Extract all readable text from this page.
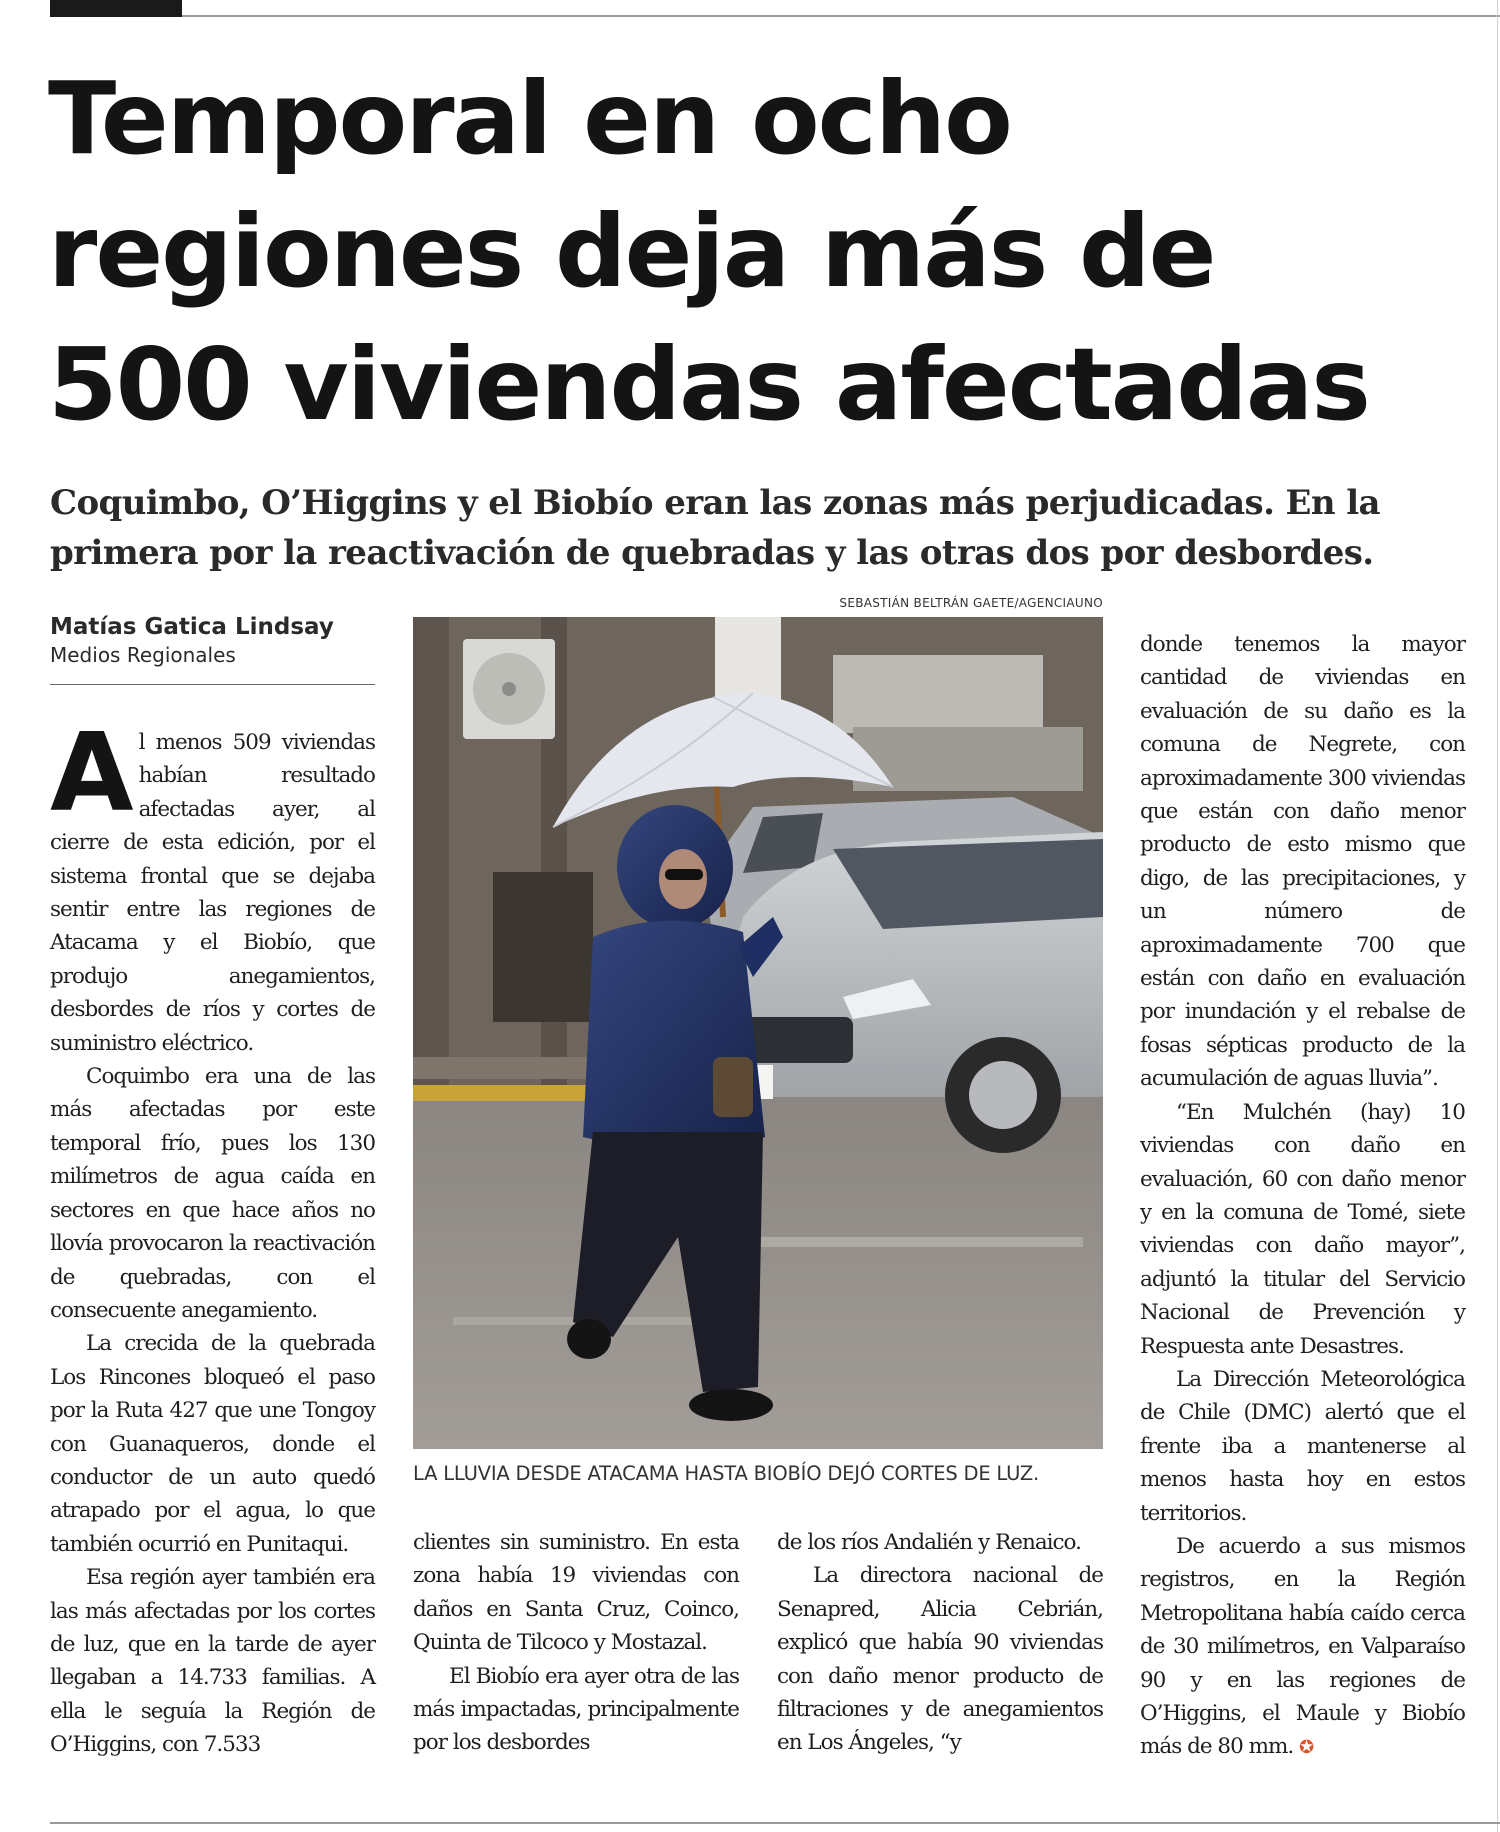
Temporal en ocho
regiones deja más de
500 viviendas afectadas
Coquimbo, O’Higgins y el Biobío eran las zonas más perjudicadas. En la
primera por la reactivación de quebradas y las otras dos por desbordes.
Matías Gatica Lindsay
Medios Regionales
SEBASTIÁN BELTRÁN GAETE/AGENCIAUNO
LA LLUVIA DESDE ATACAMA HASTA BIOBÍO DEJÓ CORTES DE LUZ.

Al menos 509 viviendas habían resultado afectadas ayer, al cierre de esta edición, por el sistema frontal que se dejaba sentir entre las regiones de Atacama y el Biobío, que produjo anegamientos, desbordes de ríos y cortes de suministro eléctrico.

Coquimbo era una de las más afectadas por este temporal frío, pues los 130 milímetros de agua caída en sectores en que hace años no llovía provocaron la reactivación de quebradas, con el consecuente anegamiento.

La crecida de la quebrada Los Rincones bloqueó el paso por la Ruta 427 que une Tongoy con Guanaqueros, donde el conductor de un auto quedó atrapado por el agua, lo que también ocurrió en Punitaqui.

Esa región ayer también era las más afectadas por los cortes de luz, que en la tarde de ayer llegaban a 14.733 familias. A ella le seguía la Región de O’Higgins, con 7.533

clientes sin suministro. En esta zona había 19 viviendas con daños en Santa Cruz, Coinco, Quinta de Tilcoco y Mostazal.

El Biobío era ayer otra de las más impactadas, principalmente por los desbordes

de los ríos Andalién y Renaico.

La directora nacional de Senapred, Alicia Cebrián, explicó que había 90 viviendas con daño menor producto de filtraciones y de anegamientos en Los Ángeles, “y

donde tenemos la mayor cantidad de viviendas en evaluación de su daño es la comuna de Negrete, con aproximadamente 300 viviendas que están con daño menor producto de esto mismo que digo, de las precipitaciones, y un número de aproximadamente 700 que están con daño en evaluación por inundación y el rebalse de fosas sépticas producto de la acumulación de aguas lluvia”.

“En Mulchén (hay) 10 viviendas con daño en evaluación, 60 con daño menor y en la comuna de Tomé, siete viviendas con daño mayor”, adjuntó la titular del Servicio Nacional de Prevención y Respuesta ante Desastres.

La Dirección Meteorológica de Chile (DMC) alertó que el frente iba a mantenerse al menos hasta hoy en estos territorios.

De acuerdo a sus mismos registros, en la Región Metropolitana había caído cerca de 30 milímetros, en Valparaíso 90 y en las regiones de O’Higgins, el Maule y Biobío más de 80 mm. ✪
